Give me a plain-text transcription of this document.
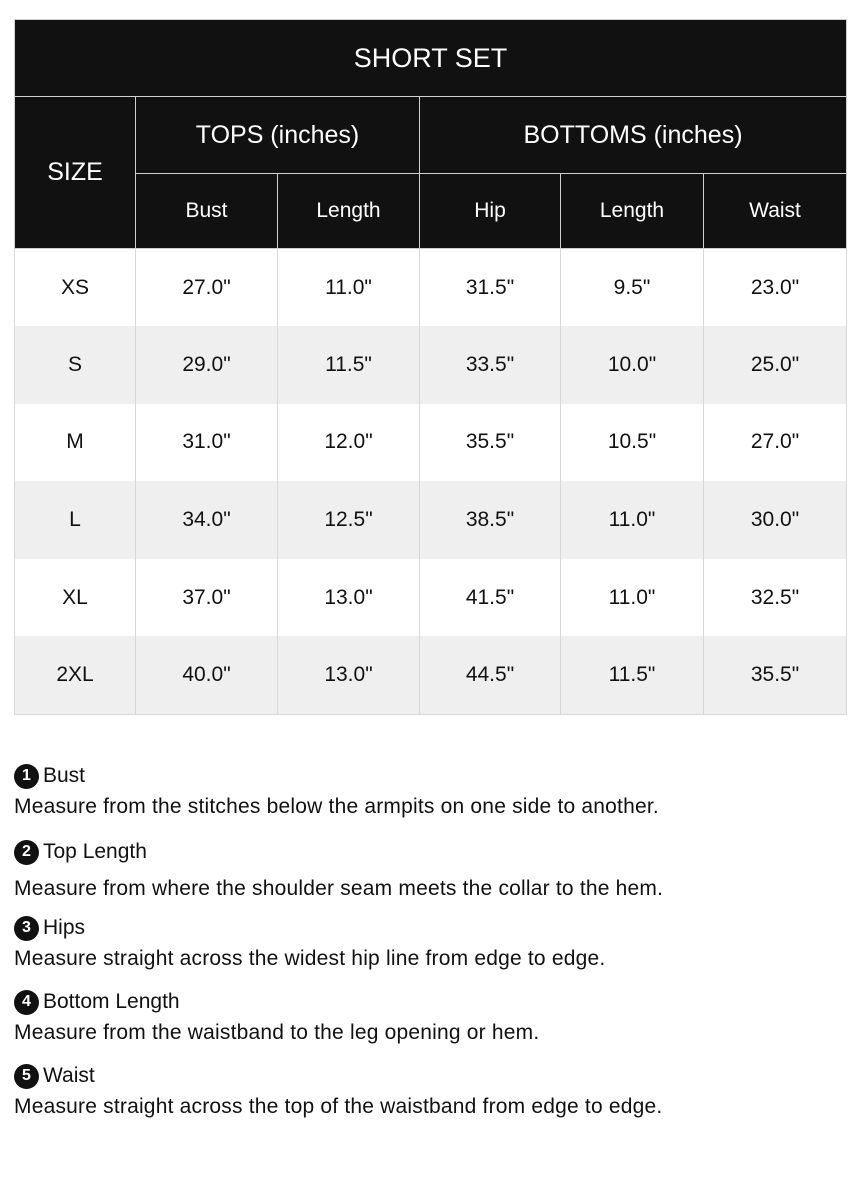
SHORT SET					
SIZE	TOPS (inches)		BOTTOMS (inches)		
	Bust	Length	Hip	Length	Waist
XS	27.0"	11.0"	31.5"	9.5"	23.0"
S	29.0"	11.5"	33.5"	10.0"	25.0"
M	31.0"	12.0"	35.5"	10.5"	27.0"
L	34.0"	12.5"	38.5"	11.0"	30.0"
XL	37.0"	13.0"	41.5"	11.0"	32.5"
2XL	40.0"	13.0"	44.5"	11.5"	35.5"
1 Bust
Measure from the stitches below the armpits on one side to another.
2 Top Length
Measure from where the shoulder seam meets the collar to the hem.
3 Hips
Measure straight across the widest hip line from edge to edge.
4 Bottom Length
Measure from the waistband to the leg opening or hem.
5 Waist
Measure straight across the top of the waistband from edge to edge.
